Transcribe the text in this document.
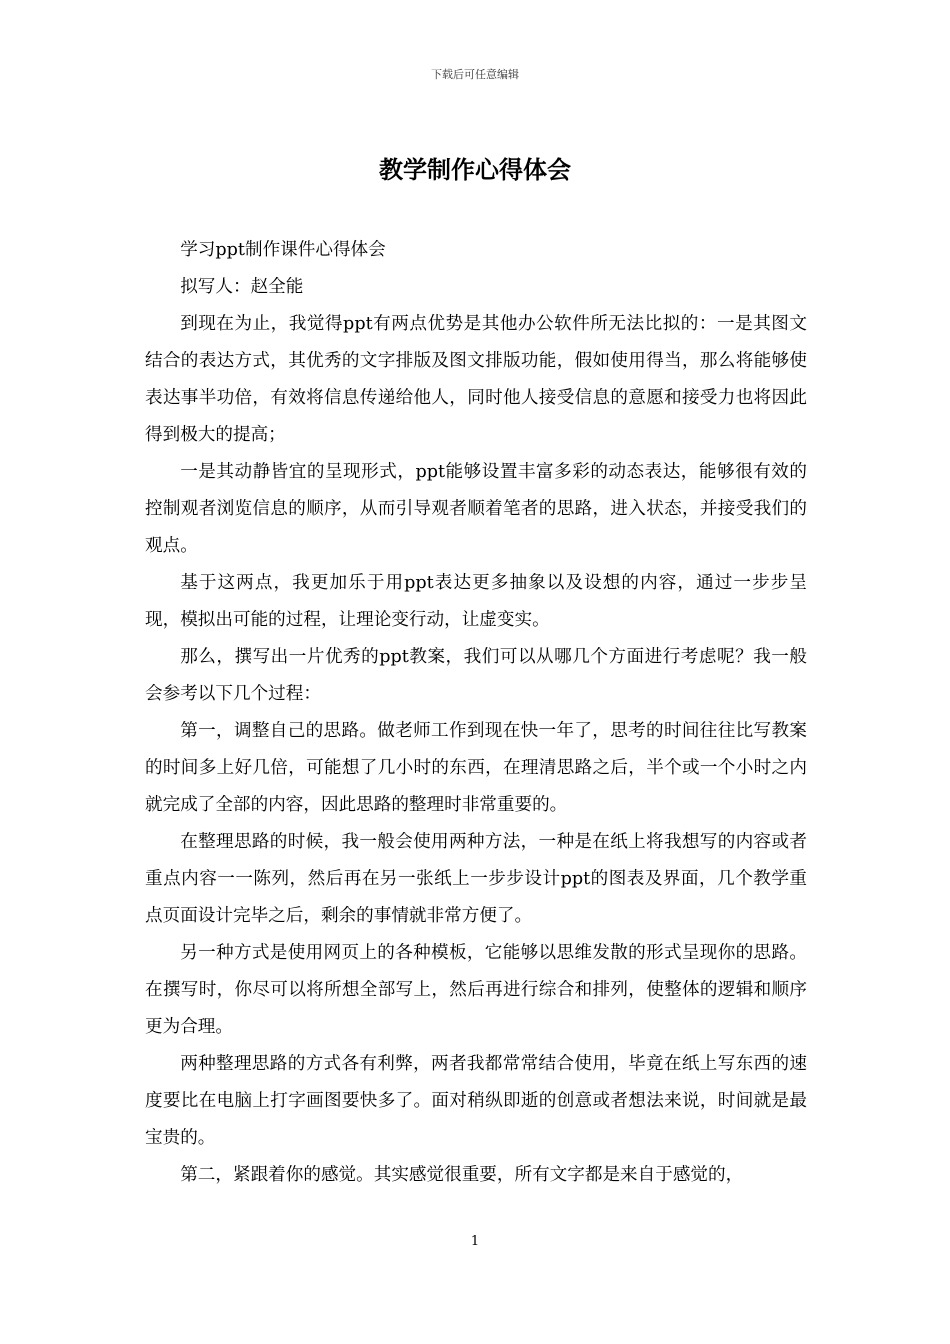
下载后可任意编辑
教学制作心得体会

学习ppt制作课件心得体会

拟写人：赵全能

到现在为止，我觉得ppt有两点优势是其他办公软件所无法比拟的：一是其图文结合的表达方式，其优秀的文字排版及图文排版功能，假如使用得当，那么将能够使表达事半功倍，有效将信息传递给他人，同时他人接受信息的意愿和接受力也将因此得到极大的提高；

一是其动静皆宜的呈现形式，ppt能够设置丰富多彩的动态表达，能够很有效的控制观者浏览信息的顺序，从而引导观者顺着笔者的思路，进入状态，并接受我们的观点。

基于这两点，我更加乐于用ppt表达更多抽象以及设想的内容，通过一步步呈现，模拟出可能的过程，让理论变行动，让虚变实。

那么，撰写出一片优秀的ppt教案，我们可以从哪几个方面进行考虑呢？我一般会参考以下几个过程：

第一，调整自己的思路。做老师工作到现在快一年了，思考的时间往往比写教案的时间多上好几倍，可能想了几小时的东西，在理清思路之后，半个或一个小时之内就完成了全部的内容，因此思路的整理时非常重要的。

在整理思路的时候，我一般会使用两种方法，一种是在纸上将我想写的内容或者重点内容一一陈列，然后再在另一张纸上一步步设计ppt的图表及界面，几个教学重点页面设计完毕之后，剩余的事情就非常方便了。

另一种方式是使用网页上的各种模板，它能够以思维发散的形式呈现你的思路。在撰写时，你尽可以将所想全部写上，然后再进行综合和排列，使整体的逻辑和顺序更为合理。

两种整理思路的方式各有利弊，两者我都常常结合使用，毕竟在纸上写东西的速度要比在电脑上打字画图要快多了。面对稍纵即逝的创意或者想法来说，时间就是最宝贵的。

第二，紧跟着你的感觉。其实感觉很重要，所有文字都是来自于感觉的，

1
